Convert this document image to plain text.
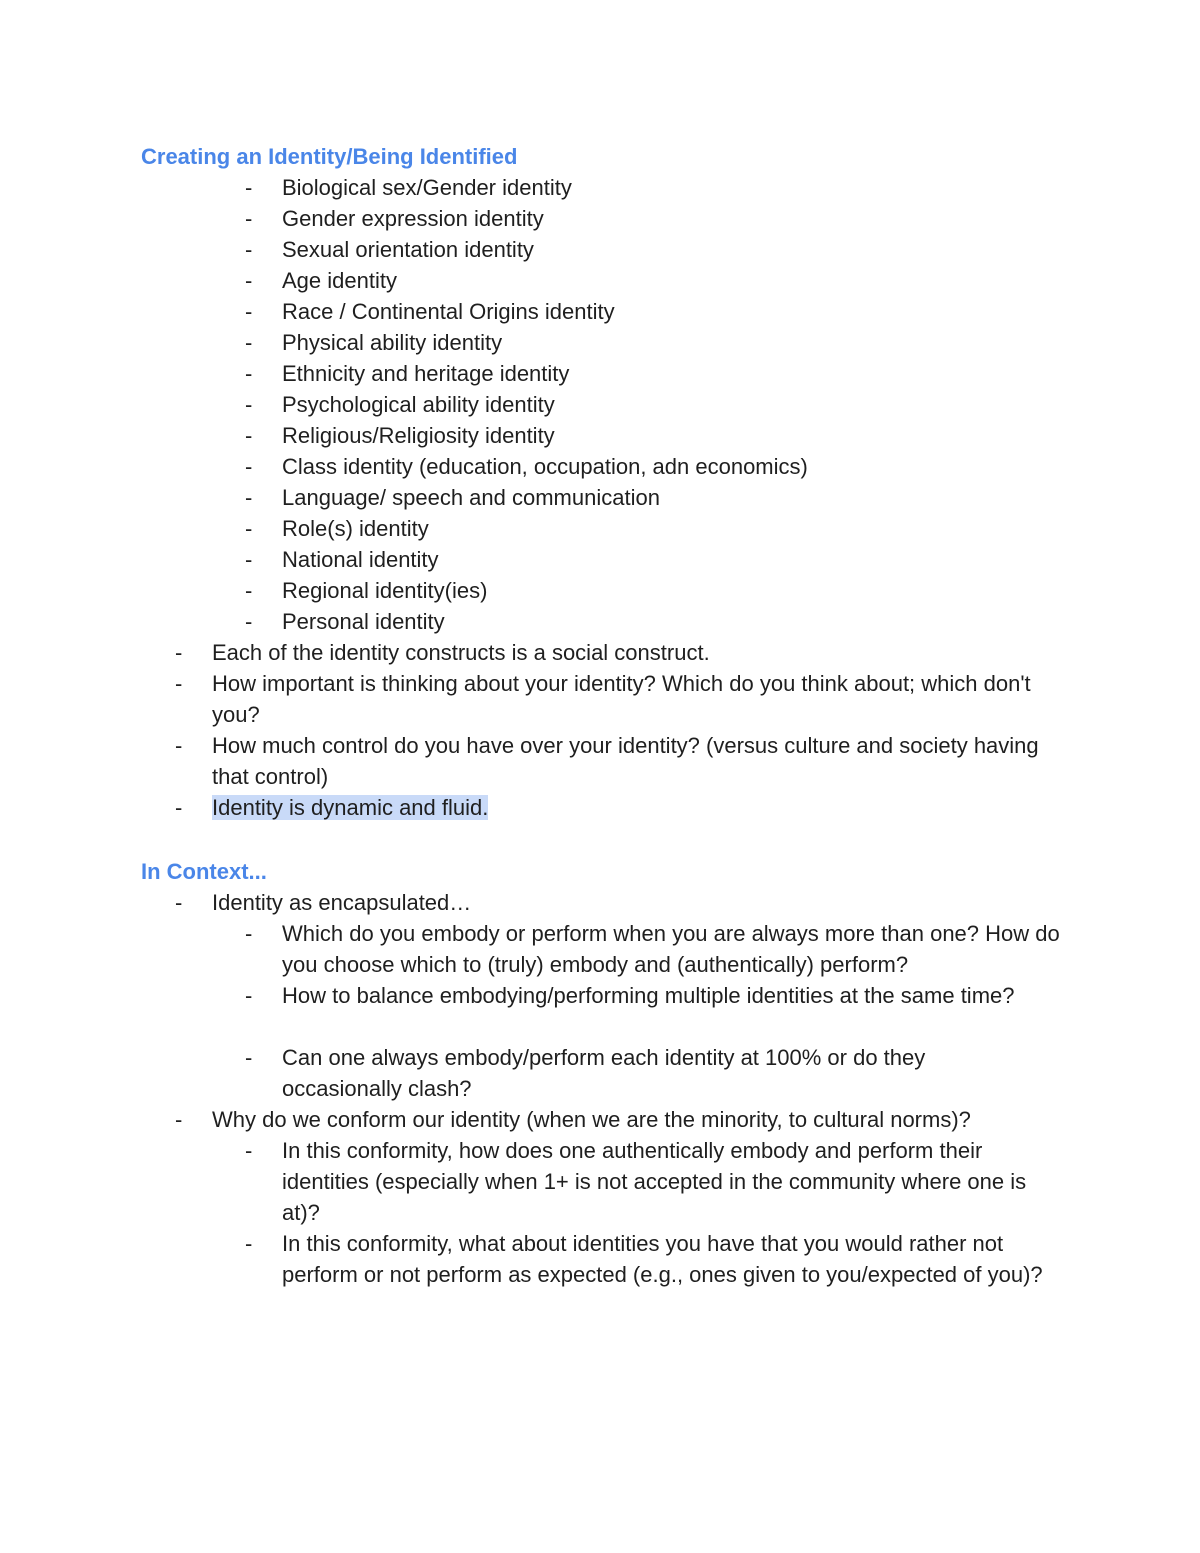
Creating an Identity/Being Identified
- Biological sex/Gender identity
- Gender expression identity
- Sexual orientation identity
- Age identity
- Race / Continental Origins identity
- Physical ability identity
- Ethnicity and heritage identity
- Psychological ability identity
- Religious/Religiosity identity
- Class identity (education, occupation, adn economics)
- Language/ speech and communication
- Role(s) identity
- National identity
- Regional identity(ies)
- Personal identity
- Each of the identity constructs is a social construct.
- How important is thinking about your identity? Which do you think about; which don't you?
- How much control do you have over your identity? (versus culture and society having that control)
- Identity is dynamic and fluid.
In Context...
- Identity as encapsulated…
- Which do you embody or perform when you are always more than one? How do you choose which to (truly) embody and (authentically) perform?
- How to balance embodying/performing multiple identities at the same time?
- Can one always embody/perform each identity at 100% or do they occasionally clash?
- Why do we conform our identity (when we are the minority, to cultural norms)?
- In this conformity, how does one authentically embody and perform their identities (especially when 1+ is not accepted in the community where one is at)?
- In this conformity, what about identities you have that you would rather not perform or not perform as expected (e.g., ones given to you/expected of you)?
